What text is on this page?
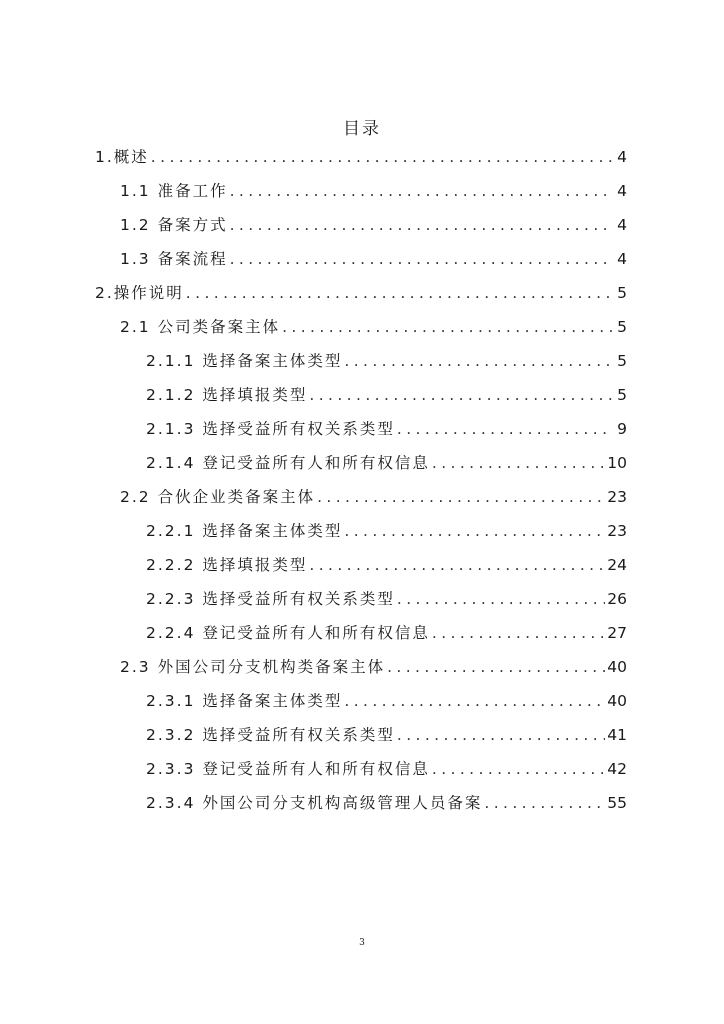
目录
1.概述 .....	4
1.1 准备工作 .....	4
1.2 备案方式 .....	4
1.3 备案流程 .....	4
2.操作说明 .....	5
2.1 公司类备案主体 .....	5
2.1.1 选择备案主体类型 .....	5
2.1.2 选择填报类型 .....	5
2.1.3 选择受益所有权关系类型 .....	9
2.1.4 登记受益所有人和所有权信息 .....	10
2.2 合伙企业类备案主体 .....	23
2.2.1 选择备案主体类型 .....	23
2.2.2 选择填报类型 .....	24
2.2.3 选择受益所有权关系类型 .....	26
2.2.4 登记受益所有人和所有权信息 .....	27
2.3 外国公司分支机构类备案主体 .....	40
2.3.1 选择备案主体类型 .....	40
2.3.2 选择受益所有权关系类型 .....	41
2.3.3 登记受益所有人和所有权信息 .....	42
2.3.4 外国公司分支机构高级管理人员备案 .....	55
3
